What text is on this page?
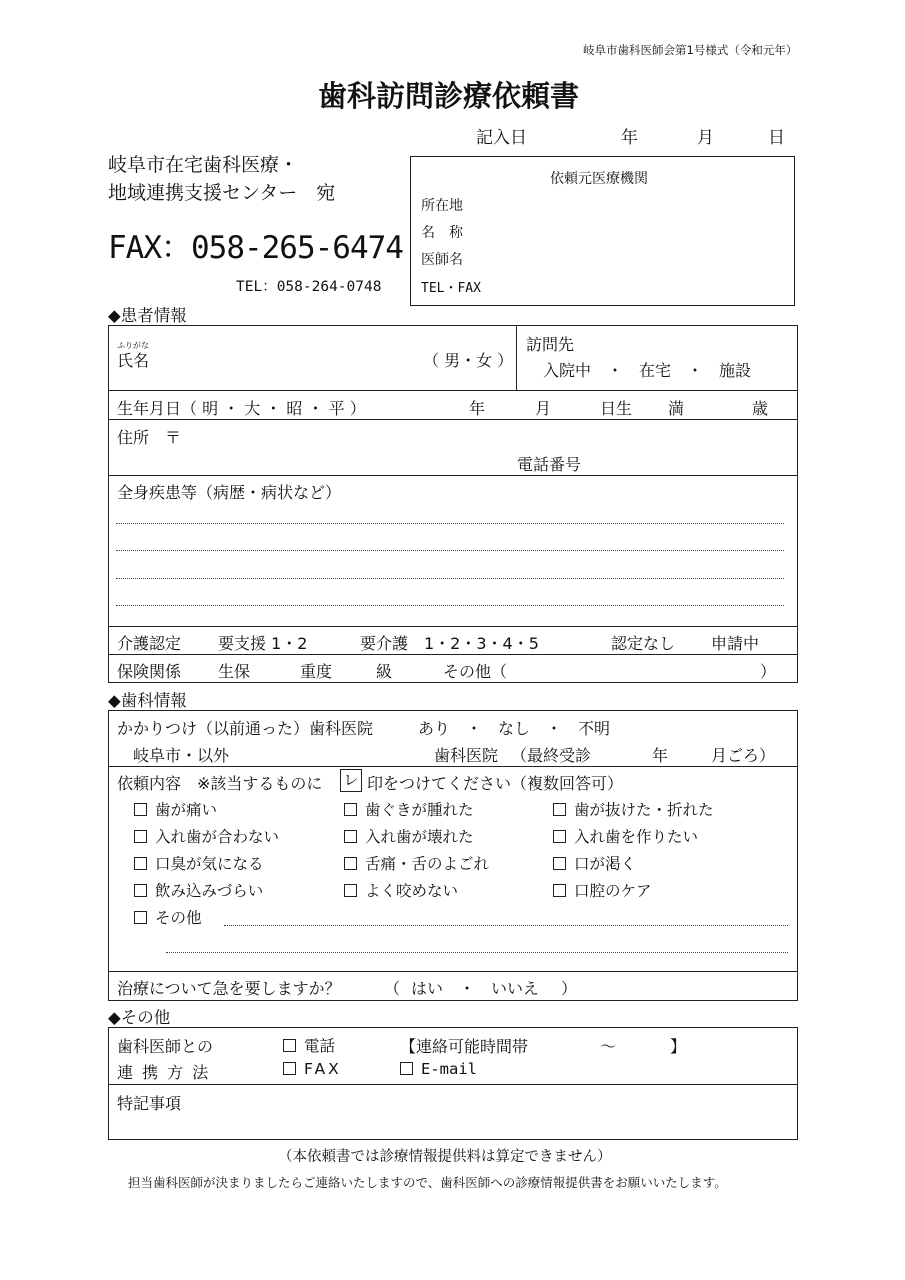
岐阜市歯科医師会第1号様式（令和元年）
歯科訪問診療依頼書
記入日	年	月	日
岐阜市在宅歯科医療・
地域連携支援センター　宛
FAX：058-265-6474
TEL：058-264-0748
依頼元医療機関
所在地
名　称
医師名
TEL・FAX
◆患者情報
ふりがな
氏名	（ 男・女 ）
訪問先
入院中　・　在宅　・　施設
生年月日（ 明 ・ 大 ・ 昭 ・ 平 ）	年	月	日生 満	歳
住所　〒
電話番号
全身疾患等（病歴・病状など）
介護認定 要支援 1・2	要介護　1・2・3・4・5	認定なし 申請中
保険関係 生保	重度	級	その他（	）
◆歯科情報
かかりつけ（以前通った）歯科医院	あり　・　なし　・　不明
岐阜市・以外	歯科医院 （最終受診	年	月ごろ）
依頼内容　※該当するものに レ 印をつけてください（複数回答可）
歯が痛い	歯ぐきが腫れた	歯が抜けた・折れた
入れ歯が合わない	入れ歯が壊れた	入れ歯を作りたい
口臭が気になる	舌痛・舌のよごれ	口が渇く
飲み込みづらい	よく咬めない	口腔のケア
その他
治療について急を要しますか？	（ はい　・　いいえ ）
◆その他
歯科医師との
連 携 方 法
電話	【連絡可能時間帯	～	】
FAX	E-mail
特記事項
（本依頼書では診療情報提供料は算定できません）
担当歯科医師が決まりましたらご連絡いたしますので、歯科医師への診療情報提供書をお願いいたします。
